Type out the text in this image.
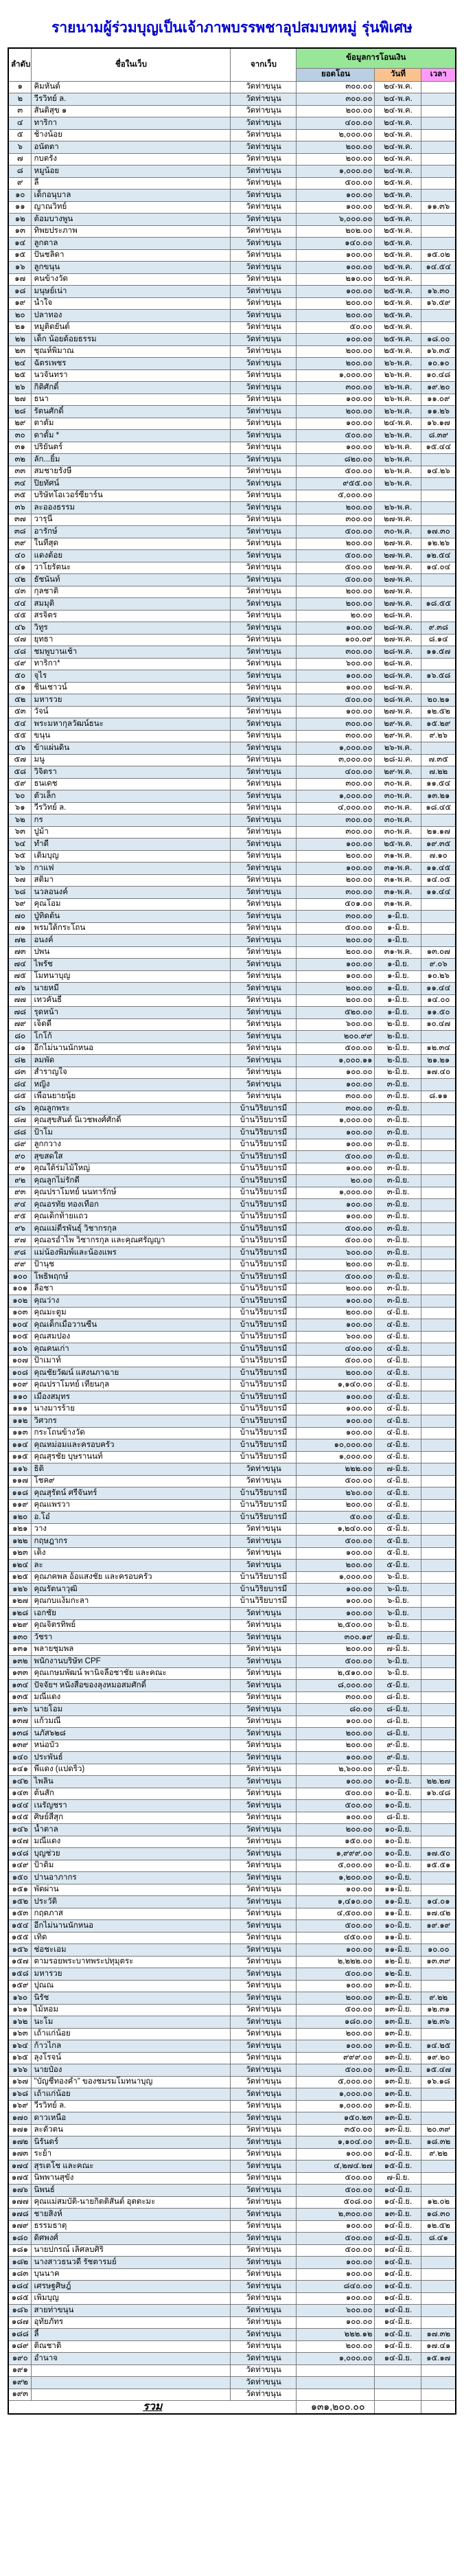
รายนามผู้ร่วมบุญเป็นเจ้าภาพบรรพชาอุปสมบทหมู่ รุ่นพิเศษ
ลำดับ	ชื่อในเว็บ	จากเว็บ	ข้อมูลการโอนเงิน		
			ยอดโอน	วันที่	เวลา
๑	คิมหันต์	วัดท่าขนุน	๓๐๐.๐๐	๒๔-พ.ค.	
๒	วีรวิทย์ ล.	วัดท่าขนุน	๓๐๐.๐๐	๒๔-พ.ค.	
๓	สันติสุข ๑	วัดท่าขนุน	๒๐๐.๐๐	๒๔-พ.ค.	
๔	ทาริกา	วัดท่าขนุน	๔๐๐.๐๐	๒๔-พ.ค.	
๕	ช้างน้อย	วัดท่าขนุน	๒,๐๐๐.๐๐	๒๔-พ.ค.	
๖	อนัตตา	วัดท่าขนุน	๒๐๐.๐๐	๒๔-พ.ค.	
๗	กบตรัง	วัดท่าขนุน	๒๐๐.๐๐	๒๔-พ.ค.	
๘	หมูน้อย	วัดท่าขนุน	๑,๐๐๐.๐๐	๒๔-พ.ค.	
๙	ลี้	วัดท่าขนุน	๕๐๐.๐๐	๒๕-พ.ค.	
๑๐	เด็กอนุบาล	วัดท่าขนุน	๑๐๐.๐๐	๒๕-พ.ค.	
๑๑	ญาณวิทย์	วัดท่าขนุน	๑๐๐.๐๐	๒๕-พ.ค.	๑๑.๓๖
๑๒	ต้อมบางพูน	วัดท่าขนุน	๖,๐๐๐.๐๐	๒๕-พ.ค.	
๑๓	ทิพยประภาพ	วัดท่าขนุน	๒๐๒.๐๐	๒๕-พ.ค.	
๑๔	ลูกตาล	วัดท่าขนุน	๑๔๐.๐๐	๒๕-พ.ค.	
๑๕	ปันชลิดา	วัดท่าขนุน	๑๐๐.๐๐	๒๕-พ.ค.	๑๕.๐๒
๑๖	ลูกขนุน	วัดท่าขนุน	๑๐๐.๐๐	๒๕-พ.ค.	๑๔.๕๔
๑๗	คนข้างวัด	วัดท่าขนุน	๒๑๐.๐๐	๒๕-พ.ค.	
๑๘	มนุษย์เน่า	วัดท่าขนุน	๑๐๐.๐๐	๒๕-พ.ค.	๑๖.๓๐
๑๙	น้ำใจ	วัดท่าขนุน	๒๐๐.๐๐	๒๕-พ.ค.	๑๖.๕๙
๒๐	ปลาทอง	วัดท่าขนุน	๒๐๐.๐๐	๒๕-พ.ค.	
๒๑	หมูติดยันต์	วัดท่าขนุน	๕๐.๐๐	๒๕-พ.ค.	
๒๒	เด็ก น้อยด้อยธรรม	วัดท่าขนุน	๑๐๐.๐๐	๒๕-พ.ค.	๑๘.๐๐
๒๓	ชุณห์พิมาณ	วัดท่าขนุน	๒๐๐.๐๐	๒๕-พ.ค.	๑๖.๓๕
๒๔	ฉัตรเพชร	วัดท่าขนุน	๒๐๐.๐๐	๒๖-พ.ค.	๑๐.๑๐
๒๕	นวจันทรา	วัดท่าขนุน	๑,๐๐๐.๐๐	๒๖-พ.ค.	๑๐.๔๘
๒๖	กิติศักดิ์	วัดท่าขนุน	๓๐๐.๐๐	๒๖-พ.ค.	๑๙.๒๐
๒๗	ธนา	วัดท่าขนุน	๑๐๐.๐๐	๒๖-พ.ค.	๑๑.๐๙
๒๘	รัตนศักดิ์	วัดท่าขนุน	๒๐๐.๐๐	๒๖-พ.ค.	๑๑.๒๖
๒๙	ตาตั้ม	วัดท่าขนุน	๑๐๐.๐๐	๒๔-พ.ค.	๑๖.๑๗
๓๐	ตาตั้ม *	วัดท่าขนุน	๕๐๐.๐๐	๒๖-พ.ค.	๘.๓๙
๓๑	ปริยันตร์	วัดท่าขนุน	๑๐๐.๐๐	๒๖-พ.ค.	๑๕.๔๔
๓๒	ลัก...ยิ้ม	วัดท่าขนุน	๘๒๐.๐๐	๒๖-พ.ค.	
๓๓	สมชายรังษี	วัดท่าขนุน	๕๐๐.๐๐	๒๖-พ.ค.	๑๔.๒๖
๓๔	ปิยทัศน์	วัดท่าขนุน	๙๕๕.๐๐	๒๖-พ.ค.	
๓๕	บริษัทโอเวอร์ซียาร์น	วัดท่าขนุน	๕,๐๐๐.๐๐		
๓๖	ละอองธรรม	วัดท่าขนุน	๒๐๐.๐๐	๒๖-พ.ค.	
๓๗	วารุนี	วัดท่าขนุน	๓๐๐.๐๐	๒๗-พ.ค.	
๓๘	อารักษ์	วัดท่าขนุน	๕๐๐.๐๐	๓๐-พ.ค.	๑๗.๓๐
๓๙	ในที่สุด	วัดท่าขนุน	๒๐๐.๐๐	๒๗-พ.ค.	๑๒.๒๖
๔๐	แดงต้อย	วัดท่าขนุน	๕๐๐.๐๐	๒๗-พ.ค.	๑๒.๕๔
๔๑	วาโยรัตนะ	วัดท่าขนุน	๕๐๐.๐๐	๒๗-พ.ค.	๑๔.๐๔
๔๒	ธัชนันท์	วัดท่าขนุน	๕๐๐.๐๐	๒๗-พ.ค.	
๔๓	กุลชาติ	วัดท่าขนุน	๒๐๐.๐๐	๒๗-พ.ค.	
๔๔	สมมุติ	วัดท่าขนุน	๒๐๐.๐๐	๒๗-พ.ค.	๑๘.๕๕
๔๕	สรจิตร	วัดท่าขนุน	๒๐.๐๐	๒๘-พ.ค.	
๔๖	วิทูร	วัดท่าขนุน	๑๐๐.๐๐	๒๘-พ.ค.	๙.๓๘
๔๗	ยุทธา	วัดท่าขนุน	๑๐๐.๐๙	๒๗-พ.ค.	๘.๑๔
๔๘	ชมพูบานเช้า	วัดท่าขนุน	๓๐๐.๐๐	๒๘-พ.ค.	๑๑.๕๗
๔๙	ทาริกา*	วัดท่าขนุน	๖๐๐.๐๐	๒๘-พ.ค.	
๕๐	จุไร	วัดท่าขนุน	๑๐๐.๐๐	๒๘-พ.ค.	๑๖.๕๘
๕๑	ชิ้นเชาวน์	วัดท่าขนุน	๑๐๐.๐๐	๒๘-พ.ค.	
๕๒	มหารวย	วัดท่าขนุน	๕๐๐.๐๐	๒๘-พ.ค.	๒๐.๒๑
๕๓	วัจน์	วัดท่าขนุน	๑๐๐.๐๐	๒๗-พ.ค.	๑๒.๕๒
๕๔	พระมหากุลวัฒน์ธนะ	วัดท่าขนุน	๓๐๐.๐๐	๒๙-พ.ค.	๑๕.๒๙
๕๕	ขนุน	วัดท่าขนุน	๓๐๐.๐๐	๒๙-พ.ค.	๙.๒๖
๕๖	ข้าแผ่นดิน	วัดท่าขนุน	๑,๐๐๐.๐๐	๒๖-พ.ค.	
๕๗	มนู	วัดท่าขนุน	๓,๐๐๐.๐๐	๒๘-ม.ค.	๗.๓๕
๕๘	วิจิตรา	วัดท่าขนุน	๔๐๐.๐๐	๒๙-พ.ค.	๗.๒๒
๕๙	ธนเดช	วัดท่าขนุน	๓๐๐.๐๐	๓๐-พ.ค.	๑๑.๕๔
๖๐	ตัวเล็ก	วัดท่าขนุน	๑,๐๐๐.๐๐	๓๐-พ.ค.	๑๓.๒๑
๖๑	วีรวิทย์ ล.	วัดท่าขนุน	๔,๐๐๐.๐๐	๓๐-พ.ค.	๑๘.๔๕
๖๒	กร	วัดท่าขนุน	๓๐๐.๐๐	๓๐-พ.ค.	
๖๓	ปูม้า	วัดท่าขนุน	๓๐๐.๐๐	๓๐-พ.ค.	๒๑.๑๗
๖๔	ทำดี	วัดท่าขนุน	๑๐๐.๐๐	๒๕-พ.ค.	๑๙.๓๕
๖๕	เติมบุญ	วัดท่าขนุน	๒๐๐.๐๐	๓๑-พ.ค.	๗.๑๐
๖๖	กาแฟ	วัดท่าขนุน	๑๐๐.๐๐	๓๑-พ.ค.	๑๑.๔๕
๖๗	สติมา	วัดท่าขนุน	๒๐๐.๐๐	๓๑-พ.ค.	๑๔.๐๕
๖๘	นวลอนงค์	วัดท่าขนุน	๓๐๐.๐๐	๓๑-พ.ค.	๑๑.๔๔
๖๙	คุณโอม	วัดท่าขนุน	๕๐๑.๐๐	๓๑-พ.ค.	
๗๐	ปู่ทิดต้น	วัดท่าขนุน	๓๐๐.๐๐	๑-มิ.ย.	
๗๑	พรมใต้กระโถน	วัดท่าขนุน	๕๐๐.๐๐	๑-มิ.ย.	
๗๒	อนงค์	วัดท่าขนุน	๒๐๐.๐๐	๑-มิ.ย.	
๗๓	ปพน	วัดท่าขนุน	๒๐๐.๐๐	๓๑-พ.ค.	๑๓.๐๗
๗๔	ไพรัช	วัดท่าขนุน	๑๐๐.๐๐	๑-มิ.ย.	๙.๐๖
๗๕	โมทนาบุญ	วัดท่าขนุน	๑๐๐.๐๐	๑-มิ.ย.	๑๐.๒๖
๗๖	นายหมี	วัดท่าขนุน	๒๐๐.๐๐	๑-มิ.ย.	๑๑.๔๔
๗๗	เทวคันธี	วัดท่าขนุน	๒๐๐.๐๐	๑-มิ.ย.	๑๔.๐๐
๗๘	รุดหน้า	วัดท่าขนุน	๕๒๐.๐๐	๑-มิ.ย.	๑๑.๕๐
๗๙	เจ็ดดี	วัดท่าขนุน	๖๐๐.๐๐	๒-มิ.ย.	๑๐.๔๗
๘๐	โกโก้	วัดท่าขนุน	๒๐๐.๙๙	๒-มิ.ย.	
๘๑	อีกไม่นานนักหนอ	วัดท่าขนุน	๕๐๐.๐๐	๒-มิ.ย.	๑๒.๓๔
๘๒	ลมพัด	วัดท่าขนุน	๑,๐๐๐.๑๑	๒-มิ.ย.	๒๑.๒๑
๘๓	สำราญใจ	วัดท่าขนุน	๑๐๐.๐๐	๒-มิ.ย.	๑๗.๔๐
๘๔	หญิง	วัดท่าขนุน	๑๐๐.๐๐	๓-มิ.ย.	
๘๕	เพื่อนยายนุ้ย	วัดท่าขนุน	๓๐๐.๐๐	๓-มิ.ย.	๘.๑๑
๘๖	คุณลูกพระ	บ้านวิริยบารมี	๓๐๐.๐๐	๓-มิ.ย.	
๘๗	คุณสุขสันต์ นิเวชพงศ์ศักดิ์	บ้านวิริยบารมี	๑,๐๐๐.๐๐	๓-มิ.ย.	
๘๘	ป้าโม	บ้านวิริยบารมี	๑๐๐.๐๐	๓-มิ.ย.	
๘๙	ลูกกวาง	บ้านวิริยบารมี	๑๐๐.๐๐	๓-มิ.ย.	
๙๐	สุขสดใส	บ้านวิริยบารมี	๕๐๐.๐๐	๓-มิ.ย.	
๙๑	คุณใต้ร่มไม้ใหญ่	บ้านวิริยบารมี	๑๐๐.๐๐	๓-มิ.ย.	
๙๒	คุณลูกไม่รักดี	บ้านวิริยบารมี	๒๐.๐๐	๓-มิ.ย.	
๙๓	คุณปราโมทย์ นนทารักษ์	บ้านวิริยบารมี	๑,๐๐๐.๐๐	๓-มิ.ย.	
๙๔	คุณอรทัย ทองเทือก	บ้านวิริยบารมี	๑๐๐.๐๐	๓-มิ.ย.	
๙๕	คุณเด็กท้ายแถว	บ้านวิริยบารมี	๑๐๐.๐๐	๓-มิ.ย.	
๙๖	คุณแม่ตีรพันธุ์ วิชากรกุล	บ้านวิริยบารมี	๕๐๐.๐๐	๓-มิ.ย.	
๙๗	คุณอรอำไพ วิชากรกุล และคุณศรัญญา	บ้านวิริยบารมี	๕๐๐.๐๐	๓-มิ.ย.	
๙๘	แม่น้องพิมพ์และน้องแพร	บ้านวิริยบารมี	๖๐๐.๐๐	๓-มิ.ย.	
๙๙	ป้านุช	บ้านวิริยบารมี	๒๐๐.๐๐	๓-มิ.ย.	
๑๐๐	โพธิพฤกษ์	บ้านวิริยบารมี	๕๐๐.๐๐	๓-มิ.ย.	
๑๐๑	ลือชา	บ้านวิริยบารมี	๒๐๐.๐๐	๓-มิ.ย.	
๑๐๒	คุณว่าง	บ้านวิริยบารมี	๑๐๐.๐๐	๓-มิ.ย.	
๑๐๓	คุณมะตูม	บ้านวิริยบารมี	๒๐๐.๐๐	๔-มิ.ย.	
๑๐๔	คุณเด็กเมื่อวานซืน	บ้านวิริยบารมี	๑๐๐.๐๐	๔-มิ.ย.	
๑๐๕	คุณสมปอง	บ้านวิริยบารมี	๖๐๐.๐๐	๔-มิ.ย.	
๑๐๖	คุณคนเก่า	บ้านวิริยบารมี	๔๐๐.๐๐	๔-มิ.ย.	
๑๐๗	ป้าเมาท์	บ้านวิริยบารมี	๕๐๐.๐๐	๔-มิ.ย.	
๑๐๘	คุณชัยวัฒน์ แสงนภาฉาย	บ้านวิริยบารมี	๒๐๐.๐๐	๔-มิ.ย.	
๑๐๙	คุณปราโมทย์ เทียนกุล	บ้านวิริยบารมี	๑,๑๔๐.๐๐	๔-มิ.ย.	
๑๑๐	เมืองสมุทร	บ้านวิริยบารมี	๑๐๐.๐๐	๔-มิ.ย.	
๑๑๑	นางมารร้าย	บ้านวิริยบารมี	๑๐๐.๐๐	๔-มิ.ย.	
๑๑๒	วิศวกร	บ้านวิริยบารมี	๑๐๐.๐๐	๔-มิ.ย.	
๑๑๓	กระโถนข้างวัด	บ้านวิริยบารมี	๑๐๐.๐๐	๔-มิ.ย.	
๑๑๔	คุณหม่อมและครอบครัว	บ้านวิริยบารมี	๑๐,๐๐๐.๐๐	๔-มิ.ย.	
๑๑๕	คุณสุรชัย บุษรานนท์	บ้านวิริยบารมี	๑,๐๐๐.๐๐	๔-มิ.ย.	
๑๑๖	ธิติ	วัดท่าขนุน	๒๒๒.๐๐	๗-มิ.ย.	
๑๑๗	โชค๙	วัดท่าขนุน	๕๐๐.๐๐	๔-มิ.ย.	
๑๑๘	คุณสุรัตน์ ศรีจันทร์	บ้านวิริยบารมี	๒๖๐.๐๐	๔-มิ.ย.	
๑๑๙	คุณแพรวา	บ้านวิริยบารมี	๒๐๐.๐๐	๔-มิ.ย.	
๑๒๐	อ.โอ๋	บ้านวิริยบารมี	๕๐.๐๐	๔-มิ.ย.	
๑๒๑	วาง	วัดท่าขนุน	๑,๒๔๐.๐๐	๕-มิ.ย.	
๑๒๒	กฤษฎากร	วัดท่าขนุน	๕๐๐.๐๐	๕-มิ.ย.	
๑๒๓	เต็ง	วัดท่าขนุน	๑๐๐.๐๐	๕-มิ.ย.	
๑๒๔	ละ	วัดท่าขนุน	๒๐๐.๐๐	๕-มิ.ย.	
๑๒๕	คุณภคพล อ้อแสงชัย และครอบครัว	บ้านวิริยบารมี	๑,๐๐๐.๐๐	๖-มิ.ย.	
๑๒๖	คุณรัตนาวุฒิ	บ้านวิริยบารมี	๑๐๐.๐๐	๖-มิ.ย.	
๑๒๗	คุณกบแง้มกะลา	บ้านวิริยบารมี	๑๐๐.๐๐	๖-มิ.ย.	
๑๒๘	เอกชัย	วัดท่าขนุน	๑๐๐.๐๐	๖-มิ.ย.	
๑๒๙	คุณจิตรทิพย์	วัดท่าขนุน	๒,๕๐๐.๐๐	๖-มิ.ย.	
๑๓๐	วัชรา	วัดท่าขนุน	๓๐๐.๑๙	๗-มิ.ย.	
๑๓๑	พลายชุมพล	วัดท่าขนุน	๒๐๐.๐๐	๗-มิ.ย.	
๑๓๒	พนักงานบริษัท CPF	วัดท่าขนุน	๕๐๐.๐๐	๖-มิ.ย.	
๑๓๓	คุณเกษมพัฒน์ พานิจลือชาชัย และคณะ	วัดท่าขนุน	๒,๕๑๐.๐๐	๖-มิ.ย.	
๑๓๔	ปัจจัยฯ หนังสือของลุงหมอสมศักดิ์	วัดท่าขนุน	๘,๐๐๐.๐๐	๕-มิ.ย.	
๑๓๕	มณีแดง	วัดท่าขนุน	๓๐๐.๐๐	๘-มิ.ย.	
๑๓๖	นายโอม	วัดท่าขนุน	๘๐.๐๐	๘-มิ.ย.	
๑๓๗	แก้วมณี	วัดท่าขนุน	๑๐๐.๐๐	๘-มิ.ย.	
๑๓๘	นภัส๖๒๘	วัดท่าขนุน	๒๐๐.๐๐	๘-มิ.ย.	
๑๓๙	หน่อบัว	วัดท่าขนุน	๒๐๐.๐๐	๙-มิ.ย.	
๑๔๐	ประพันธ์	วัดท่าขนุน	๑๐๐.๐๐	๙-มิ.ย.	
๑๔๑	พี่แดง (แปดริ้ว)	วัดท่าขนุน	๒,๖๐๐.๐๐	๙-มิ.ย.	
๑๔๒	ไพลิน	วัดท่าขนุน	๑๐๐.๐๐	๑๐-มิ.ย.	๒๒.๒๗
๑๔๓	ต้นสัก	วัดท่าขนุน	๕๐๐.๐๐	๑๐-มิ.ย.	๑๖.๔๘
๑๔๔	เนรัญชรา	วัดท่าขนุน	๕๐๐.๐๐	๑๐-มิ.ย.	
๑๔๕	ศิษย์สีสุก	วัดท่าขนุน	๑๐๐.๐๐	๘-มิ.ย.	
๑๔๖	น้ำตาล	วัดท่าขนุน	๒๐๐.๐๐	๑๐-มิ.ย.	
๑๔๗	มณีแดง	วัดท่าขนุน	๑๕๐.๐๐	๑๐-มิ.ย.	
๑๔๘	บุญช่วย	วัดท่าขนุน	๑,๙๙๙.๐๐	๑๐-มิ.ย.	๑๗.๕๐
๑๔๙	ป้าติ๋ม	วัดท่าขนุน	๕,๐๐๐.๐๐	๑๐-มิ.ย.	๑๕.๕๑
๑๕๐	ปานอาภากร	วัดท่าขนุน	๑,๒๐๐.๐๐	๑๐-มิ.ย.	
๑๕๑	พัดผ่าน	วัดท่าขนุน	๑๐๐.๐๐	๑๑-มิ.ย.	
๑๕๒	ประวัติ	วัดท่าขนุน	๑,๔๑๐.๐๐	๑๑-มิ.ย.	๑๔.๐๑
๑๕๓	กฤตภาส	วัดท่าขนุน	๔,๕๐๐.๐๐	๑๑-มิ.ย.	๑๗.๔๒
๑๕๔	อีกไม่นานนักหนอ	วัดท่าขนุน	๕๐๐.๐๐	๑๐-มิ.ย.	๑๙.๑๙
๑๕๕	เทิด	วัดท่าขนุน	๔๕๐.๐๐	๑๑-มิ.ย.	
๑๕๖	ช่อชะเอม	วัดท่าขนุน	๑๐๐.๐๐	๑๑-มิ.ย.	๑๐.๐๐
๑๕๗	ตามรอยพระบาทพระปทุมุตระ	วัดท่าขนุน	๒,๒๒๒.๐๐	๑๒-มิ.ย.	๑๓.๓๙
๑๕๘	มหารวย	วัดท่าขนุน	๕๐๐.๐๐	๑๒-มิ.ย.	
๑๕๙	ปุณณ	วัดท่าขนุน	๑๐๐.๐๐	๑๓-มิ.ย.	
๑๖๐	นิรัช	วัดท่าขนุน	๒๐๐.๐๐	๑๓-มิ.ย.	๙.๒๒
๑๖๑	ไม้หอม	วัดท่าขนุน	๕๐๐.๐๐	๑๓-มิ.ย.	๑๒.๓๑
๑๖๒	นะโม	วัดท่าขนุน	๑๘๐.๐๐	๑๓-มิ.ย.	๑๒.๓๖
๑๖๓	เถ้าแก่น้อย	วัดท่าขนุน	๒๐๐.๐๐	๑๓-มิ.ย.	
๑๖๔	ก้าวไกล	วัดท่าขนุน	๑๐๐.๐๐	๑๓-มิ.ย.	๑๔.๒๕
๑๖๕	ลุงโรจน์	วัดท่าขนุน	๙๙๙.๐๐	๑๓-มิ.ย.	๑๙.๒๐
๑๖๖	นายป๋อง	วัดท่าขนุน	๕๐๐.๐๐	๑๓-มิ.ย.	๑๕.๔๗
๑๖๗	"บัญชีทองคำ" ของชมรมโมทนาบุญ	วัดท่าขนุน	๕,๐๐๐.๐๐	๑๓-มิ.ย.	๑๖.๑๘
๑๖๘	เถ้าแก่น้อย	วัดท่าขนุน	๑,๐๐๐.๐๐	๑๓-มิ.ย.	
๑๖๙	วีรวิทย์ ล.	วัดท่าขนุน	๑,๐๐๐.๐๐	๑๓-มิ.ย.	
๑๗๐	ดาวเหนือ	วัดท่าขนุน	๑๕๐.๒๓	๑๓-มิ.ย.	
๑๗๑	ละตัวตน	วัดท่าขนุน	๓๕๐.๐๐	๑๓-มิ.ย.	๒๐.๓๙
๑๗๒	นิรันดร์	วัดท่าขนุน	๑,๑๐๔.๐๐	๑๓-มิ.ย.	๑๘.๓๒
๑๗๓	ระย้า	วัดท่าขนุน	๑๐๐.๐๐	๑๔-มิ.ย.	๙.๒๒
๑๗๔	สุรเตโช และคณะ	วัดท่าขนุน	๔,๒๗๔.๒๗	๑๕-มิ.ย.	
๑๗๕	นิพพานสุขัง	วัดท่าขนุน	๕๐๐.๐๐	๗-มิ.ย.	
๑๗๖	นิพนธ์	วัดท่าขนุน	๕๐๐.๐๐	๑๔-มิ.ย.	
๑๗๗	คุณแม่สมบัติ-นายกิตติสันต์ อุตตะมะ	วัดท่าขนุน	๕๐๘.๐๐	๑๔-มิ.ย.	๑๒.๐๒
๑๗๘	ชายสิงห์	วัดท่าขนุน	๒,๓๐๐.๐๐	๑๓-มิ.ย.	๑๘.๓๐
๑๗๙	ธรรมธาตุ	วัดท่าขนุน	๑๐๐.๐๐	๑๔-มิ.ย.	๑๒.๕๒
๑๘๐	ดิศพงศ์	วัดท่าขนุน	๕๐๐.๐๐	๑๔-มิ.ย.	๘.๔๑
๑๘๑	นายปกรณ์ เลิศลบศิริ	วัดท่าขนุน	๕๐๐.๐๐	๑๔-มิ.ย.	
๑๘๒	นางสาวธนวดี รัชตารมย์	วัดท่าขนุน	๑๐๐.๐๐	๑๔-มิ.ย.	
๑๘๓	บุนนาค	วัดท่าขนุน	๑๐๐.๐๐	๑๔-มิ.ย.	
๑๘๔	เศรษฐศิษฎ์	วัดท่าขนุน	๘๔๐.๐๐	๑๔-มิ.ย.	
๑๘๕	เพิ่มบุญ	วัดท่าขนุน	๑๐๐.๐๐	๑๔-มิ.ย.	
๑๘๖	สายท่าขนุน	วัดท่าขนุน	๖๐๐.๐๐	๑๔-มิ.ย.	
๑๘๗	อุทัยภัทร	วัดท่าขนุน	๑๐๐.๐๐	๑๔-มิ.ย.	
๑๘๘	ลี้	วัดท่าขนุน	๒๒๒.๑๒	๑๔-มิ.ย.	๑๗.๓๒
๑๘๙	ติณชาติ	วัดท่าขนุน	๒๐๐.๐๐	๑๔-มิ.ย.	๑๗.๔๑
๑๙๐	อำนาจ	วัดท่าขนุน	๑,๐๐๐.๐๐	๑๔-มิ.ย.	๑๕.๑๗
๑๙๑		วัดท่าขนุน			
๑๙๒		วัดท่าขนุน			
๑๙๓		วัดท่าขนุน			
รวม			๑๓๑,๒๐๐.๐๐		
